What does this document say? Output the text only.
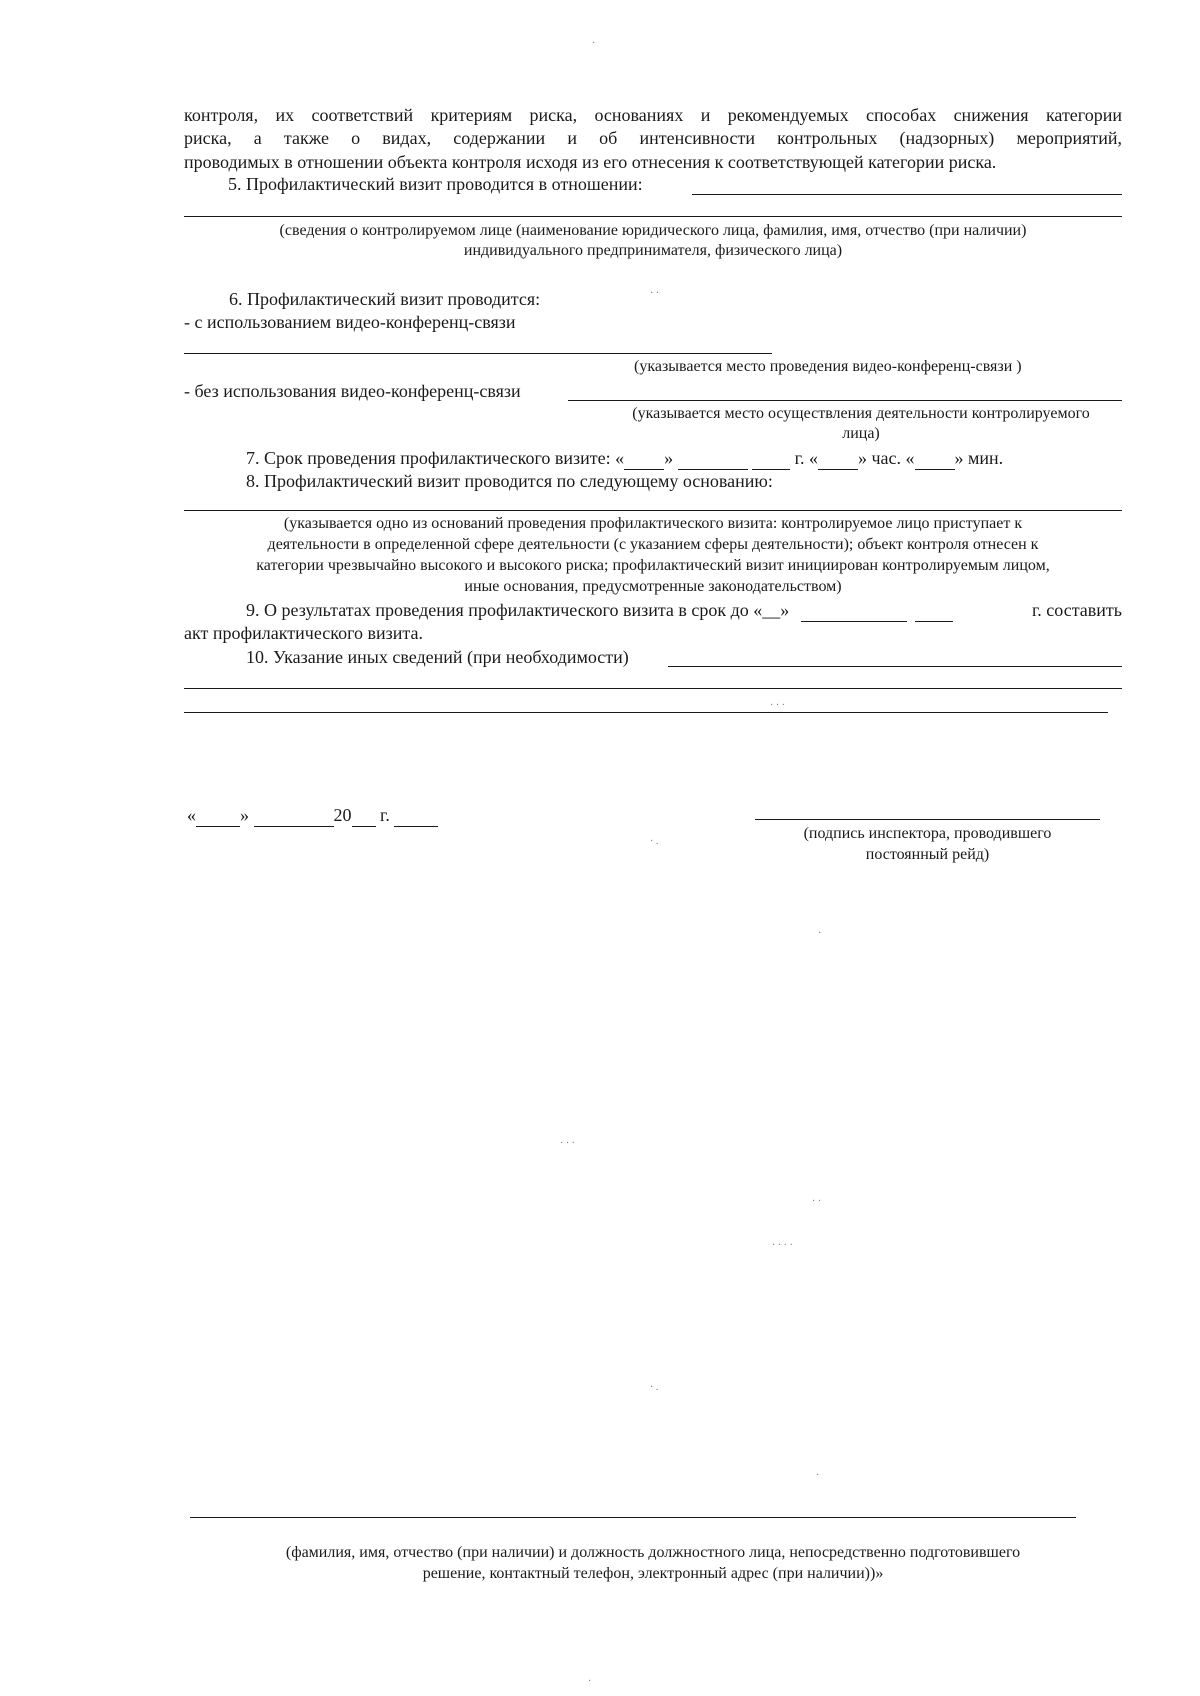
контроля, их соответствий критериям риска, основаниях и рекомендуемых способах снижения категории
риска, а также о видах, содержании и об интенсивности контрольных (надзорных) мероприятий,
проводимых в отношении объекта контроля исходя из его отнесения к соответствующей категории риска.
5. Профилактический визит проводится в отношении:
(сведения о контролируемом лице (наименование юридического лица, фамилия, имя, отчество (при наличии)
индивидуального предпринимателя, физического лица)
6. Профилактический визит проводится:
- с использованием видео-конференц-связи
(указывается место проведения видео-конференц-связи )
- без использования видео-конференц-связи
(указывается место осуществления деятельности контролируемого
лица)
7. Срок проведения профилактического визите: « »	г. « » час. « » мин.
8. Профилактический визит проводится по следующему основанию:
(указывается одно из оснований проведения профилактического визита: контролируемое лицо приступает к
деятельности в определенной сфере деятельности (с указанием сферы деятельности); объект контроля отнесен к
категории чрезвычайно высокого и высокого риска; профилактический визит инициирован контролируемым лицом,
иные основания, предусмотренные законодательством)
9. О результатах проведения профилактического визита в срок до «__»

	г. составить
акт профилактического визита.
10. Указание иных сведений (при необходимости)
« »	20 г.
(подпись инспектора, проводившего
постоянный рейд)
(фамилия, имя, отчество (при наличии) и должность должностного лица, непосредственно подготовившего
решение, контактный телефон, электронный адрес (при наличии))»
·
· ·
· · ·
· .
·
· · ·
· ·
· · · ·
· .
·
·
